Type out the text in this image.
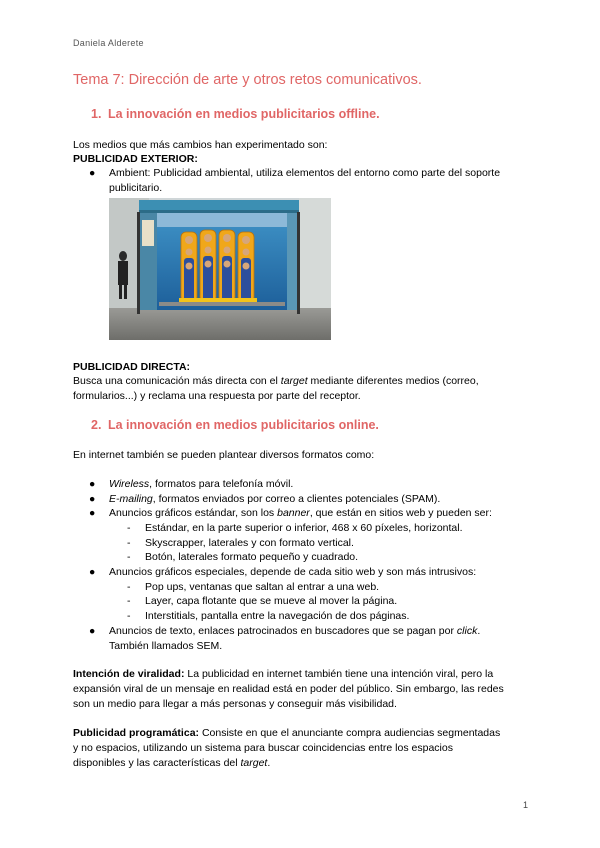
Daniela Alderete
Tema 7: Dirección de arte y otros retos comunicativos.
1. La innovación en medios publicitarios offline.
Los medios que más cambios han experimentado son:
PUBLICIDAD EXTERIOR:
● Ambient: Publicidad ambiental, utiliza elementos del entorno como parte del soporte
publicitario.
PUBLICIDAD DIRECTA:
Busca una comunicación más directa con el target mediante diferentes medios (correo,
formularios...) y reclama una respuesta por parte del receptor.
2. La innovación en medios publicitarios online.
En internet también se pueden plantear diversos formatos como:
● Wireless, formatos para telefonía móvil.
● E-mailing, formatos enviados por correo a clientes potenciales (SPAM).
● Anuncios gráficos estándar, son los banner, que están en sitios web y pueden ser:
- Estándar, en la parte superior o inferior, 468 x 60 píxeles, horizontal.
- Skyscrapper, laterales y con formato vertical.
- Botón, laterales formato pequeño y cuadrado.
● Anuncios gráficos especiales, depende de cada sitio web y son más intrusivos:
- Pop ups, ventanas que saltan al entrar a una web.
- Layer, capa flotante que se mueve al mover la página.
- Interstitials, pantalla entre la navegación de dos páginas.
● Anuncios de texto, enlaces patrocinados en buscadores que se pagan por click.
También llamados SEM.
Intención de viralidad: La publicidad en internet también tiene una intención viral, pero la
expansión viral de un mensaje en realidad está en poder del público. Sin embargo, las redes
son un medio para llegar a más personas y conseguir más visibilidad.
Publicidad programática: Consiste en que el anunciante compra audiencias segmentadas
y no espacios, utilizando un sistema para buscar coincidencias entre los espacios
disponibles y las características del target.
1
